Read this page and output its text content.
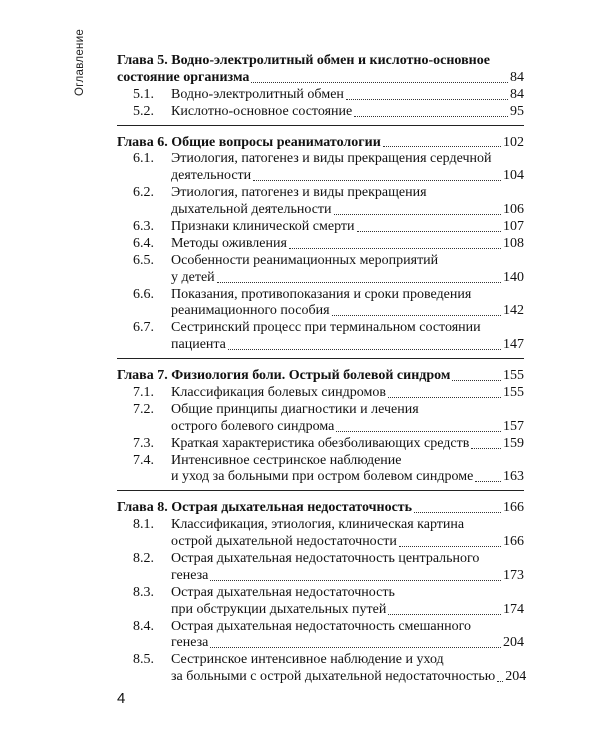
Оглавление Глава 5. Водно-электролитный обмен и кислотно-основное
состояние организма	84
5.1.	Водно-электролитный обмен	84
5.2.	Кислотно-основное состояние	95
Глава 6. Общие вопросы реаниматологии	102
6.1.	Этиология, патогенез и виды прекращения сердечной
деятельности	104
6.2.	Этиология, патогенез и виды прекращения
дыхательной деятельности	106
6.3.	Признаки клинической смерти	107
6.4.	Методы оживления	108
6.5.	Особенности реанимационных мероприятий
у детей	140
6.6.	Показания, противопоказания и сроки проведения
реанимационного пособия	142
6.7.	Сестринский процесс при терминальном состоянии
пациента	147
Глава 7. Физиология боли. Острый болевой синдром	155
7.1.	Классификация болевых синдромов	155
7.2.	Общие принципы диагностики и лечения
острого болевого синдрома	157
7.3.	Краткая характеристика обезболивающих средств 159
7.4.	Интенсивное сестринское наблюдение
и уход за больными при остром болевом синдроме 163
Глава 8. Острая дыхательная недостаточность	166
8.1.	Классификация, этиология, клиническая картина
острой дыхательной недостаточности	166
8.2.	Острая дыхательная недостаточность центрального
генеза	173
8.3.	Острая дыхательная недостаточность
при обструкции дыхательных путей	174
8.4.	Острая дыхательная недостаточность смешанного
генеза	204
8.5.	Сестринское интенсивное наблюдение и уход
за больными с острой дыхательной недостаточностью 204
4
